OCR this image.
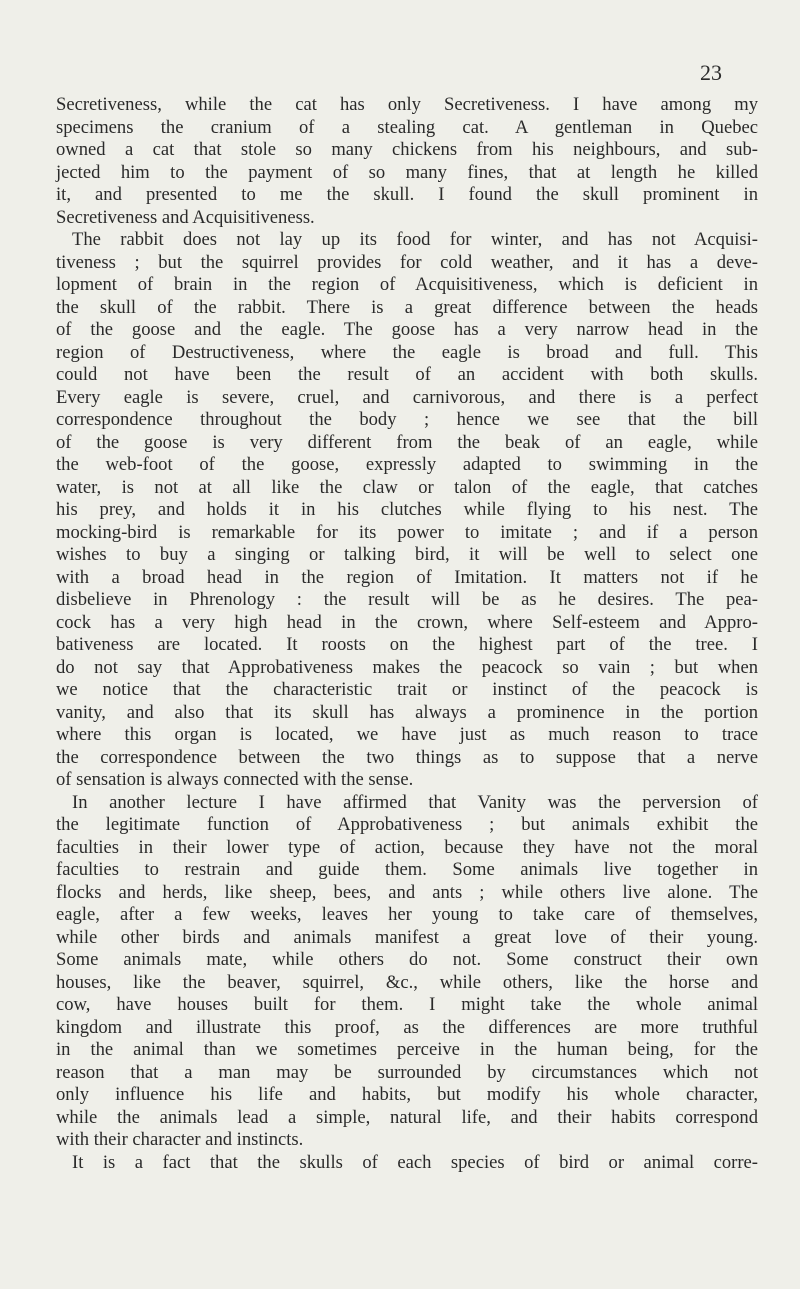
23

Secretiveness, while the cat has only Secretiveness. I have among my

specimens the cranium of a stealing cat. A gentleman in Quebec

owned a cat that stole so many chickens from his neighbours, and sub-

jected him to the payment of so many fines, that at length he killed

it, and presented to me the skull. I found the skull prominent in

Secretiveness and Acquisitiveness.

The rabbit does not lay up its food for winter, and has not Acquisi-

tiveness ; but the squirrel provides for cold weather, and it has a deve-

lopment of brain in the region of Acquisitiveness, which is deficient in

the skull of the rabbit. There is a great difference between the heads

of the goose and the eagle. The goose has a very narrow head in the

region of Destructiveness, where the eagle is broad and full. This

could not have been the result of an accident with both skulls.

Every eagle is severe, cruel, and carnivorous, and there is a perfect

correspondence throughout the body ; hence we see that the bill

of the goose is very different from the beak of an eagle, while

the web-foot of the goose, expressly adapted to swimming in the

water, is not at all like the claw or talon of the eagle, that catches

his prey, and holds it in his clutches while flying to his nest. The

mocking-bird is remarkable for its power to imitate ; and if a person

wishes to buy a singing or talking bird, it will be well to select one

with a broad head in the region of Imitation. It matters not if he

disbelieve in Phrenology : the result will be as he desires. The pea-

cock has a very high head in the crown, where Self-esteem and Appro-

bativeness are located. It roosts on the highest part of the tree. I

do not say that Approbativeness makes the peacock so vain ; but when

we notice that the characteristic trait or instinct of the peacock is

vanity, and also that its skull has always a prominence in the portion

where this organ is located, we have just as much reason to trace

the correspondence between the two things as to suppose that a nerve

of sensation is always connected with the sense.

In another lecture I have affirmed that Vanity was the perversion of

the legitimate function of Approbativeness ; but animals exhibit the

faculties in their lower type of action, because they have not the moral

faculties to restrain and guide them. Some animals live together in

flocks and herds, like sheep, bees, and ants ; while others live alone. The

eagle, after a few weeks, leaves her young to take care of themselves,

while other birds and animals manifest a great love of their young.

Some animals mate, while others do not. Some construct their own

houses, like the beaver, squirrel, &c., while others, like the horse and

cow, have houses built for them. I might take the whole animal

kingdom and illustrate this proof, as the differences are more truthful

in the animal than we sometimes perceive in the human being, for the

reason that a man may be surrounded by circumstances which not

only influence his life and habits, but modify his whole character,

while the animals lead a simple, natural life, and their habits correspond

with their character and instincts.

It is a fact that the skulls of each species of bird or animal corre-
